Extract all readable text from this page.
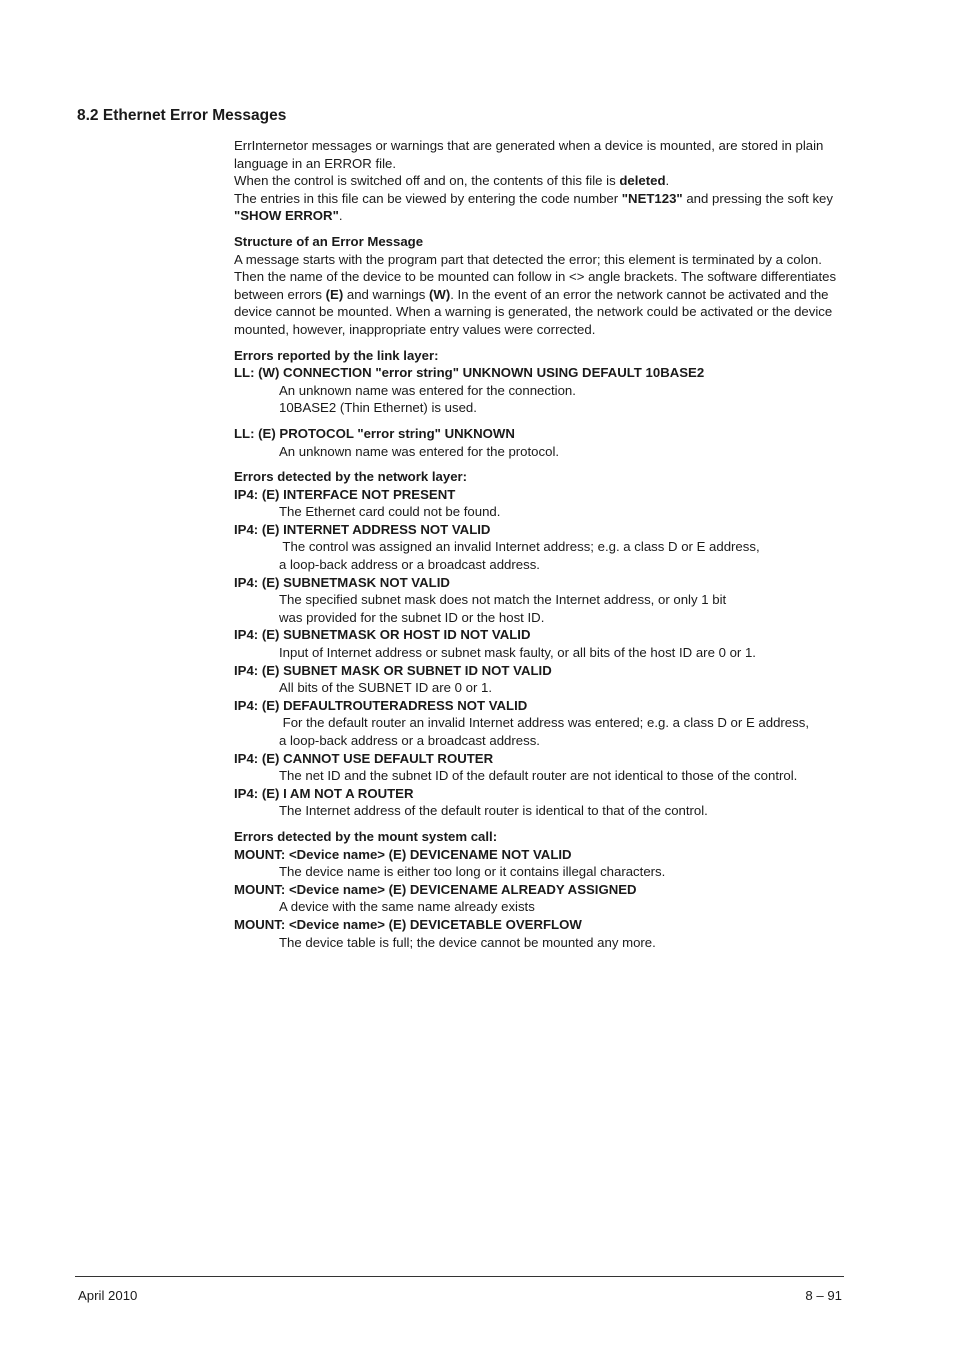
8.2 Ethernet Error Messages

ErrInternetor messages or warnings that are generated when a device is mounted, are stored in plain language in an ERROR file.

When the control is switched off and on, the contents of this file is deleted.

The entries in this file can be viewed by entering the code number "NET123" and pressing the soft key "SHOW ERROR".

Structure of an Error Message

A message starts with the program part that detected the error; this element is terminated by a colon. Then the name of the device to be mounted can follow in <> angle brackets. The software differentiates between errors (E) and warnings (W). In the event of an error the network cannot be activated and the device cannot be mounted. When a warning is generated, the network could be activated or the device mounted, however, inappropriate entry values were corrected.

Errors reported by the link layer:

LL: (W) CONNECTION "error string" UNKNOWN USING DEFAULT 10BASE2

An unknown name was entered for the connection.

10BASE2 (Thin Ethernet) is used.

LL: (E) PROTOCOL "error string" UNKNOWN

An unknown name was entered for the protocol.

Errors detected by the network layer:

IP4: (E) INTERFACE NOT PRESENT

The Ethernet card could not be found.

IP4: (E) INTERNET ADDRESS NOT VALID

The control was assigned an invalid Internet address; e.g. a class D or E address,

a loop-back address or a broadcast address.

IP4: (E) SUBNETMASK NOT VALID

The specified subnet mask does not match the Internet address, or only 1 bit

was provided for the subnet ID or the host ID.

IP4: (E) SUBNETMASK OR HOST ID NOT VALID

Input of Internet address or subnet mask faulty, or all bits of the host ID are 0 or 1.

IP4: (E) SUBNET MASK OR SUBNET ID NOT VALID

All bits of the SUBNET ID are 0 or 1.

IP4: (E) DEFAULTROUTERADRESS NOT VALID

For the default router an invalid Internet address was entered; e.g. a class D or E address,

a loop-back address or a broadcast address.

IP4: (E) CANNOT USE DEFAULT ROUTER

The net ID and the subnet ID of the default router are not identical to those of the control.

IP4: (E) I AM NOT A ROUTER

The Internet address of the default router is identical to that of the control.

Errors detected by the mount system call:

MOUNT: <Device name> (E) DEVICENAME NOT VALID

The device name is either too long or it contains illegal characters.

MOUNT: <Device name> (E) DEVICENAME ALREADY ASSIGNED

A device with the same name already exists

MOUNT: <Device name> (E) DEVICETABLE OVERFLOW

The device table is full; the device cannot be mounted any more.

April 2010	8 – 91
